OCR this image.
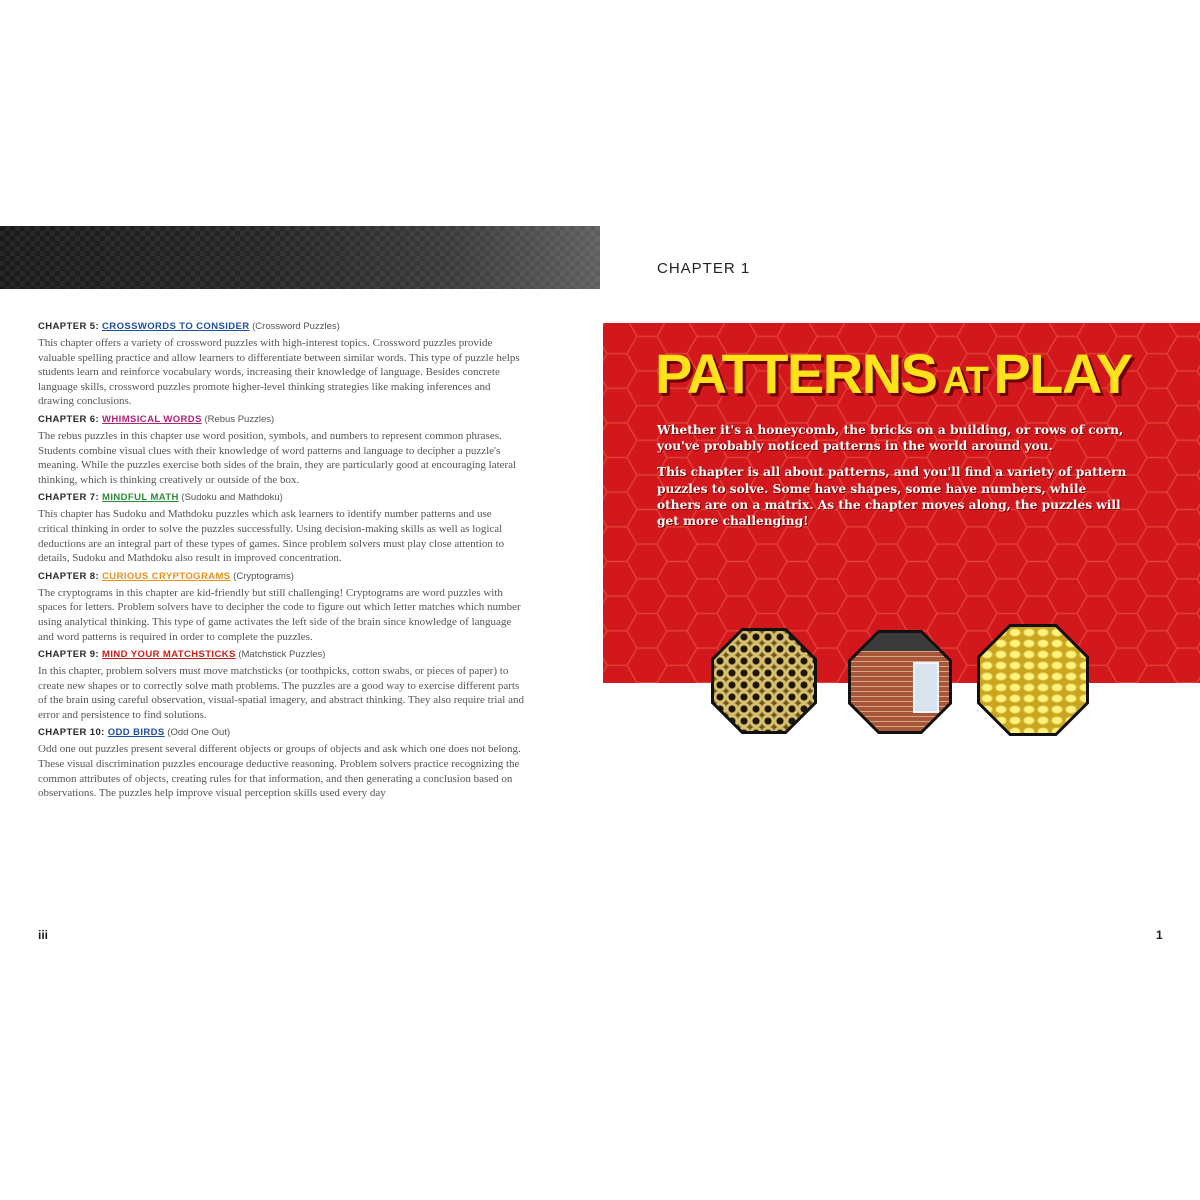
CHAPTER 5: CROSSWORDS TO CONSIDER (Crossword Puzzles)

This chapter offers a variety of crossword puzzles with high-interest topics. Crossword puzzles provide valuable spelling practice and allow learners to differentiate between similar words. This type of puzzle helps students learn and reinforce vocabulary words, increasing their knowledge of language. Besides concrete language skills, crossword puzzles promote higher-level thinking strategies like making inferences and drawing conclusions.

CHAPTER 6: WHIMSICAL WORDS (Rebus Puzzles)

The rebus puzzles in this chapter use word position, symbols, and numbers to represent common phrases. Students combine visual clues with their knowledge of word patterns and language to decipher a puzzle's meaning. While the puzzles exercise both sides of the brain, they are particularly good at encouraging lateral thinking, which is thinking creatively or outside of the box.

CHAPTER 7: MINDFUL MATH (Sudoku and Mathdoku)

This chapter has Sudoku and Mathdoku puzzles which ask learners to identify number patterns and use critical thinking in order to solve the puzzles successfully. Using decision-making skills as well as logical deductions are an integral part of these types of games. Since problem solvers must play close attention to details, Sudoku and Mathdoku also result in improved concentration.

CHAPTER 8: CURIOUS CRYPTOGRAMS (Cryptograms)

The cryptograms in this chapter are kid-friendly but still challenging! Cryptograms are word puzzles with spaces for letters. Problem solvers have to decipher the code to figure out which letter matches which number using analytical thinking. This type of game activates the left side of the brain since knowledge of language and word patterns is required in order to complete the puzzles.

CHAPTER 9: MIND YOUR MATCHSTICKS (Matchstick Puzzles)

In this chapter, problem solvers must move matchsticks (or toothpicks, cotton swabs, or pieces of paper) to create new shapes or to correctly solve math problems. The puzzles are a good way to exercise different parts of the brain using careful observation, visual-spatial imagery, and abstract thinking. They also require trial and error and persistence to find solutions.

CHAPTER 10: ODD BIRDS (Odd One Out)

Odd one out puzzles present several different objects or groups of objects and ask which one does not belong. These visual discrimination puzzles encourage deductive reasoning. Problem solvers practice recognizing the common attributes of objects, creating rules for that information, and then generating a conclusion based on observations. The puzzles help improve visual perception skills used every day

iii
CHAPTER 1
PATTERNS AT PLAY

Whether it's a honeycomb, the bricks on a building, or rows of corn, you've probably noticed patterns in the world around you.

This chapter is all about patterns, and you'll find a variety of pattern puzzles to solve. Some have shapes, some have numbers, while others are on a matrix. As the chapter moves along, the puzzles will get more challenging!

1
